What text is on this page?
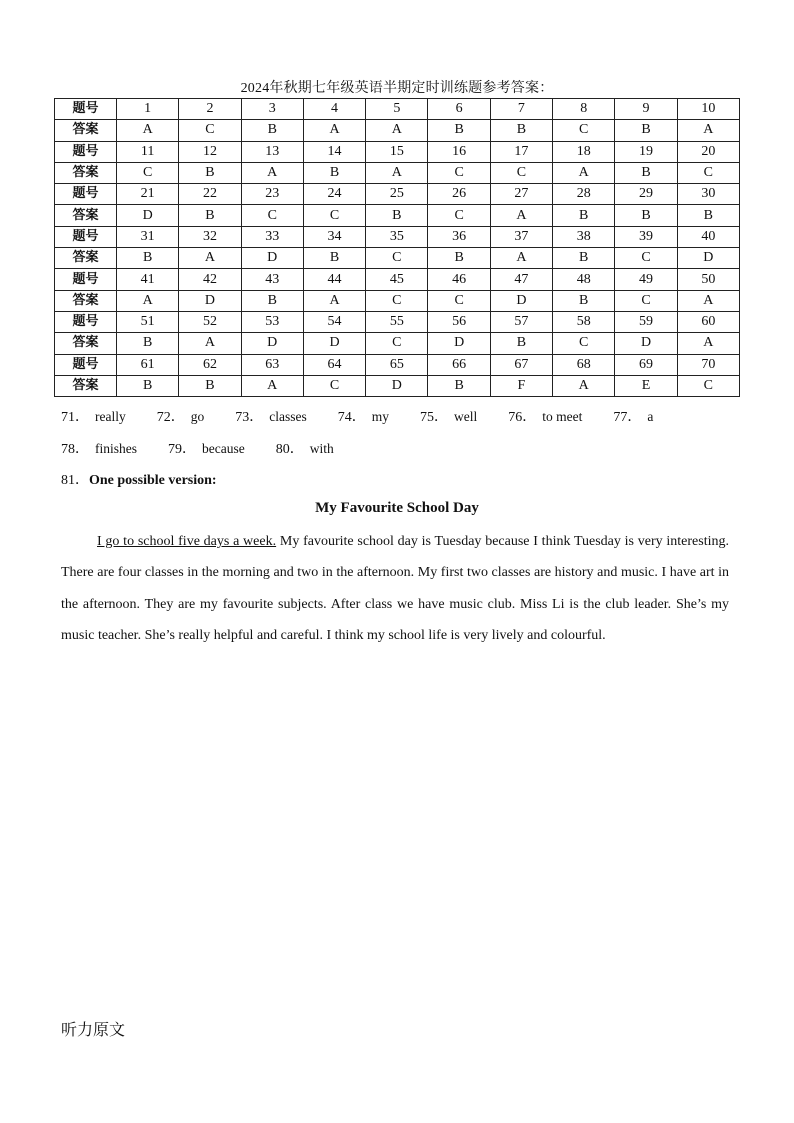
2024年秋期七年级英语半期定时训练题参考答案：
题号	1	2	3	4	5	6	7	8	9	10
答案	A	C	B	A	A	B	B	C	B	A
题号	11	12	13	14	15	16	17	18	19	20
答案	C	B	A	B	A	C	C	A	B	C
题号	21	22	23	24	25	26	27	28	29	30
答案	D	B	C	C	B	C	A	B	B	B
题号	31	32	33	34	35	36	37	38	39	40
答案	B	A	D	B	C	B	A	B	C	D
题号	41	42	43	44	45	46	47	48	49	50
答案	A	D	B	A	C	C	D	B	C	A
题号	51	52	53	54	55	56	57	58	59	60
答案	B	A	D	D	C	D	B	C	D	A
题号	61	62	63	64	65	66	67	68	69	70
答案	B	B	A	C	D	B	F	A	E	C
71． really 72． go 73． classes 74． my 75． well 76． to meet 77． a
78． finishes 79． because 80． with
81．One possible version:
My Favourite School Day
I go to school five days a week. My favourite school day is Tuesday because I think Tuesday is very interesting. There are four classes in the morning and two in the afternoon. My first two classes are history and music. I have art in the afternoon. They are my favourite subjects. After class we have music club. Miss Li is the club leader. She’s my music teacher. She’s really helpful and careful. I think my school life is very lively and colourful.
听力原文
